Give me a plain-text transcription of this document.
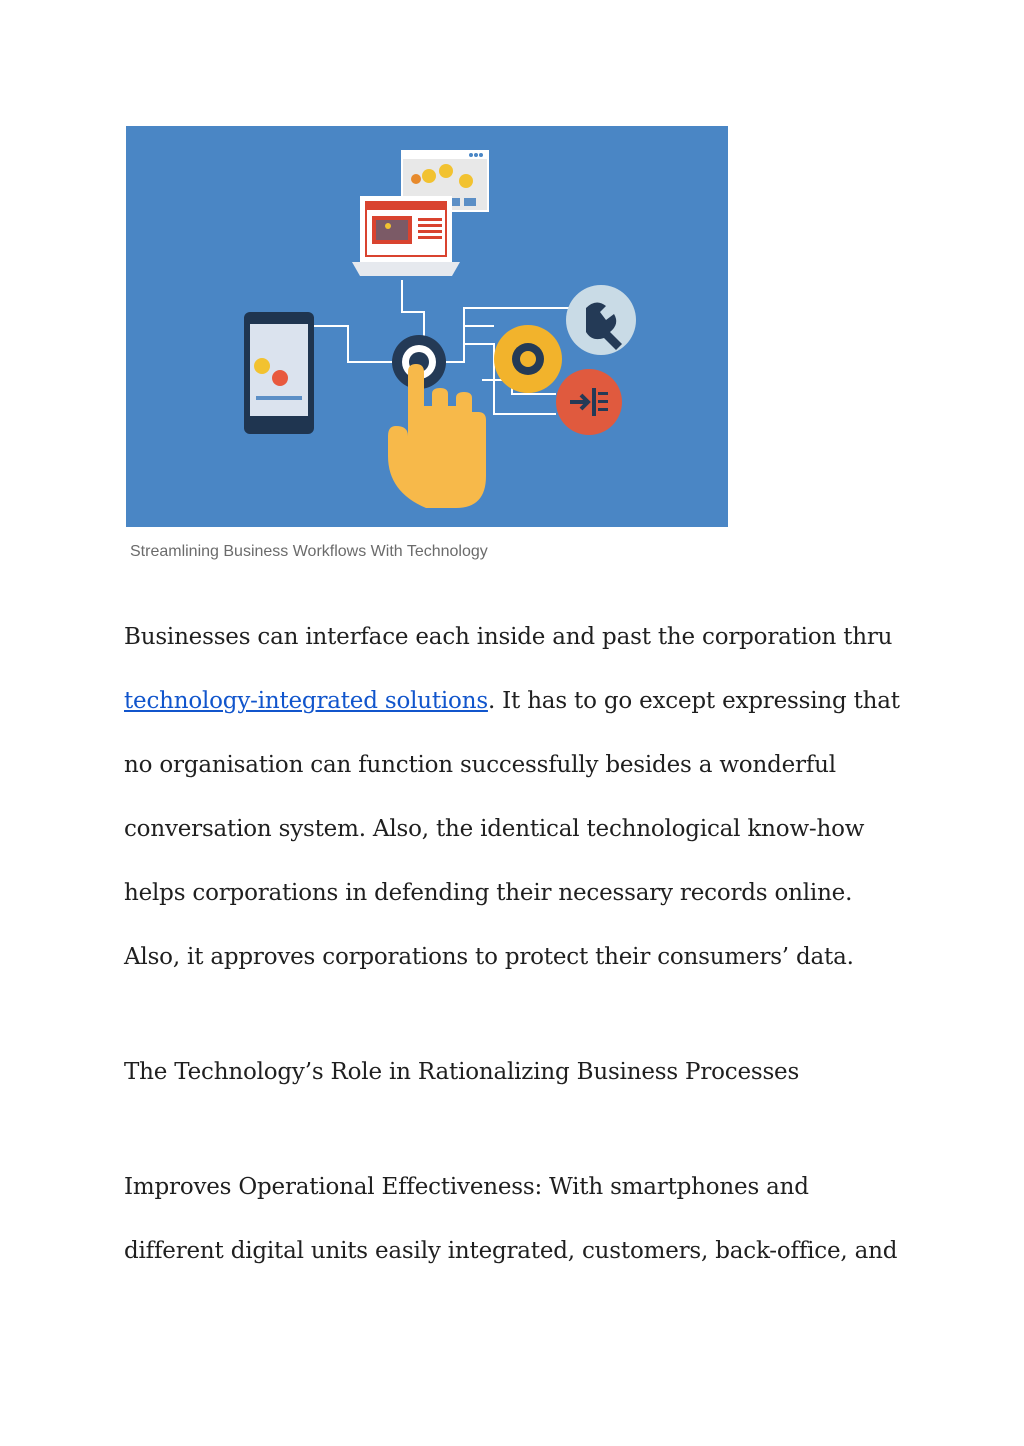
Streamlining Business Workflows With Technology
Businesses can interface each inside and past the corporation thru
technology-integrated solutions. It has to go except expressing that
no organisation can function successfully besides a wonderful
conversation system. Also, the identical technological know-how
helps corporations in defending their necessary records online.
Also, it approves corporations to protect their consumers’ data.
The Technology’s Role in Rationalizing Business Processes
Improves Operational Effectiveness: With smartphones and
different digital units easily integrated, customers, back-office, and
